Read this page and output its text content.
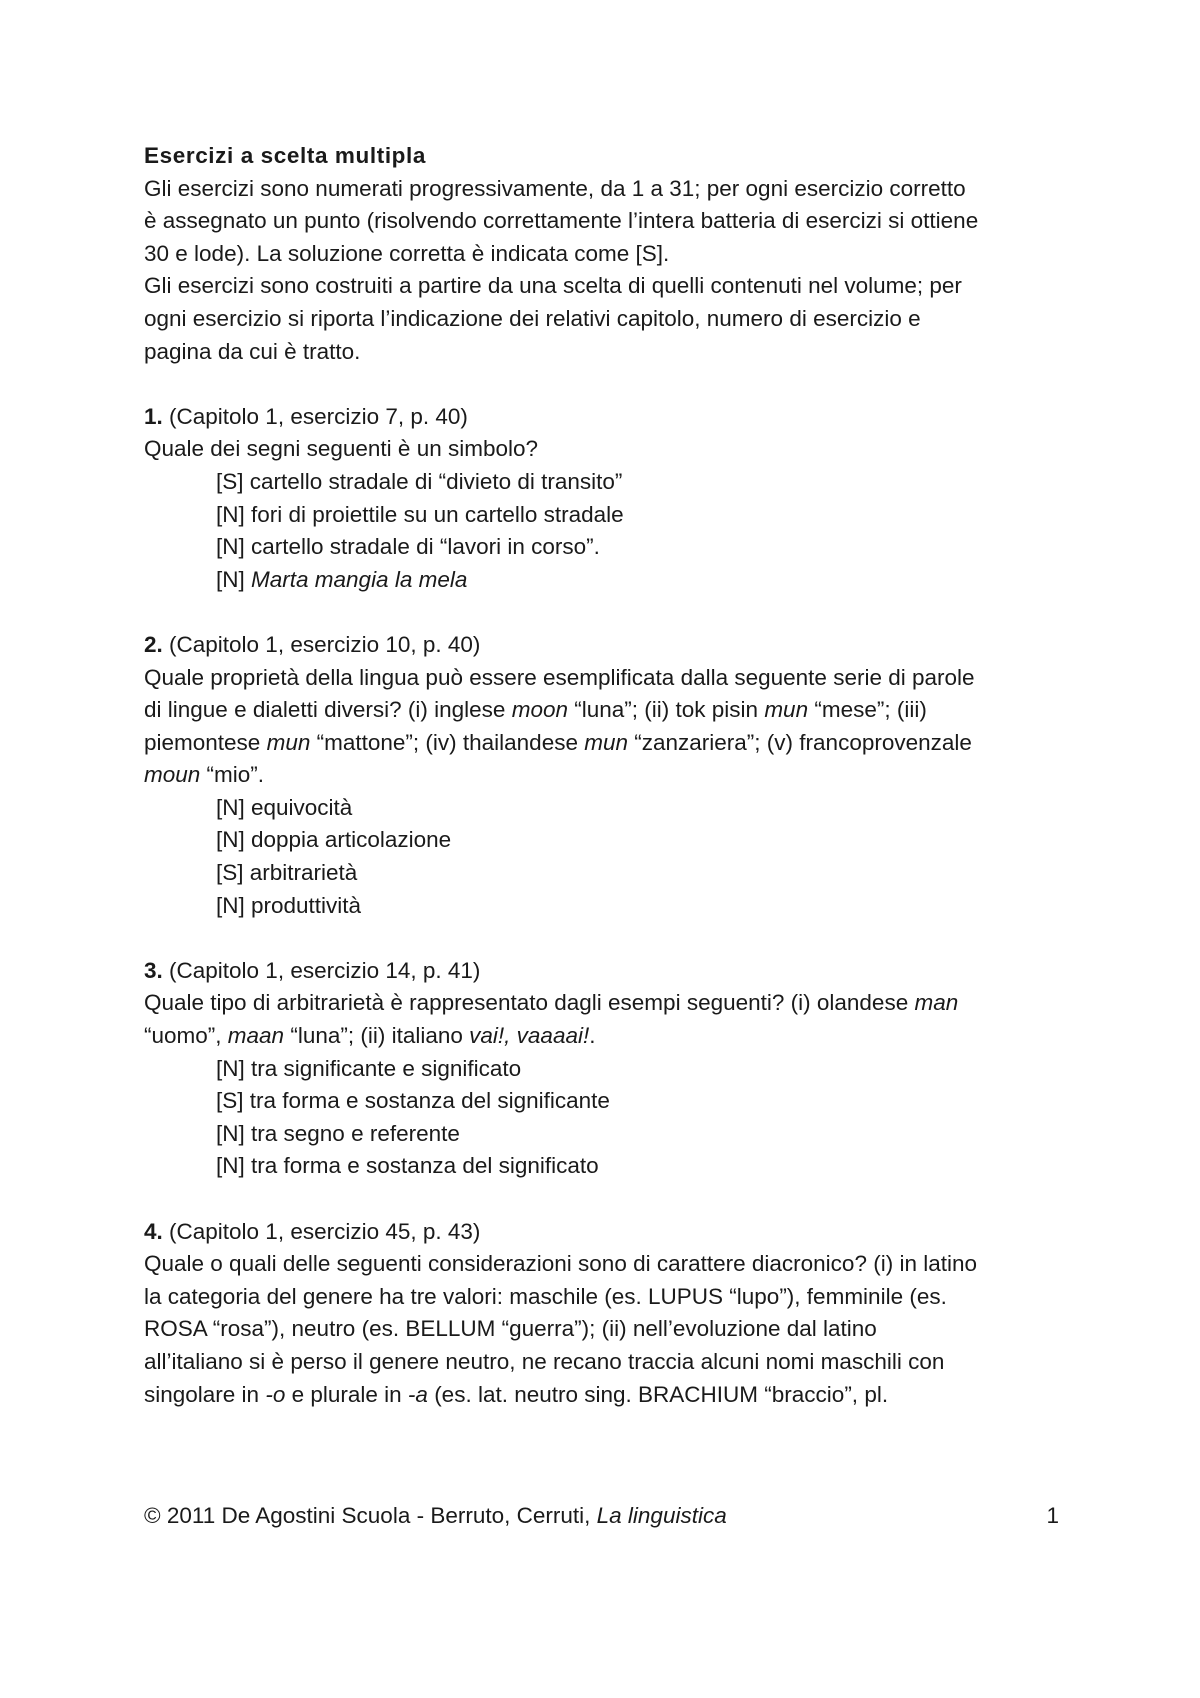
Esercizi a scelta multipla

Gli esercizi sono numerati progressivamente, da 1 a 31; per ogni esercizio corretto

è assegnato un punto (risolvendo correttamente l’intera batteria di esercizi si ottiene

30 e lode). La soluzione corretta è indicata come [S].

Gli esercizi sono costruiti a partire da una scelta di quelli contenuti nel volume; per

ogni esercizio si riporta l’indicazione dei relativi capitolo, numero di esercizio e

pagina da cui è tratto.

1. (Capitolo 1, esercizio 7, p. 40)

Quale dei segni seguenti è un simbolo?

[S] cartello stradale di “divieto di transito”

[N] fori di proiettile su un cartello stradale

[N] cartello stradale di “lavori in corso”.

[N] Marta mangia la mela

2. (Capitolo 1, esercizio 10, p. 40)

Quale proprietà della lingua può essere esemplificata dalla seguente serie di parole

di lingue e dialetti diversi? (i) inglese moon “luna”; (ii) tok pisin mun “mese”; (iii)

piemontese mun “mattone”; (iv) thailandese mun “zanzariera”; (v) francoprovenzale

moun “mio”.

[N] equivocità

[N] doppia articolazione

[S] arbitrarietà

[N] produttività

3. (Capitolo 1, esercizio 14, p. 41)

Quale tipo di arbitrarietà è rappresentato dagli esempi seguenti? (i) olandese man

“uomo”, maan “luna”; (ii) italiano vai!, vaaaai!.

[N] tra significante e significato

[S] tra forma e sostanza del significante

[N] tra segno e referente

[N] tra forma e sostanza del significato

4. (Capitolo 1, esercizio 45, p. 43)

Quale o quali delle seguenti considerazioni sono di carattere diacronico? (i) in latino

la categoria del genere ha tre valori: maschile (es. LUPUS “lupo”), femminile (es.

ROSA “rosa”), neutro (es. BELLUM “guerra”); (ii) nell’evoluzione dal latino

all’italiano si è perso il genere neutro, ne recano traccia alcuni nomi maschili con

singolare in -o e plurale in -a (es. lat. neutro sing. BRACHIUM “braccio”, pl.

© 2011 De Agostini Scuola - Berruto, Cerruti, La linguistica	1
